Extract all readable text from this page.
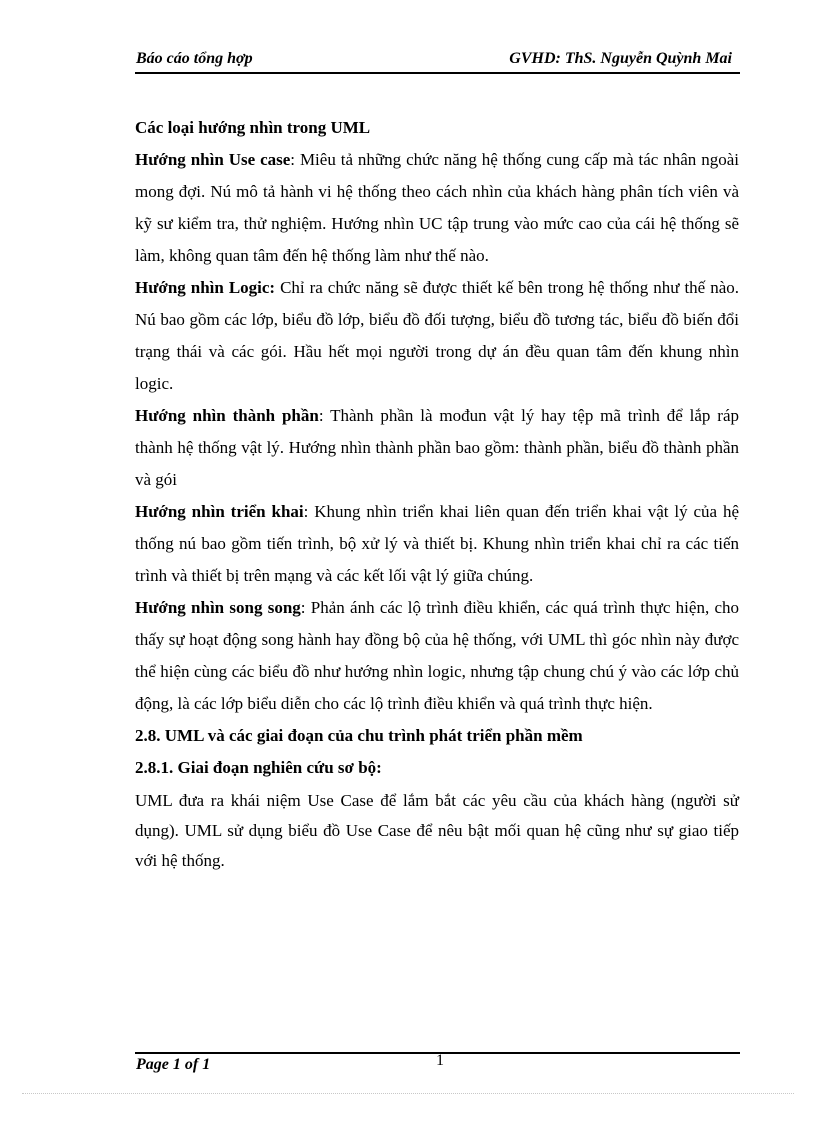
Báo cáo tổng hợp	GVHD: ThS. Nguyễn Quỳnh Mai

Các loại hướng nhìn trong UML

Hướng nhìn Use case: Miêu tả những chức năng hệ thống cung cấp mà tác nhân ngoài mong đợi. Nú mô tả hành vi hệ thống theo cách nhìn của khách hàng phân tích viên và kỹ sư kiểm tra, thử nghiệm. Hướng nhìn UC tập trung vào mức cao của cái hệ thống sẽ làm, không quan tâm đến hệ thống làm như thế nào.

Hướng nhìn Logic: Chỉ ra chức năng sẽ được thiết kế bên trong hệ thống như thế nào. Nú bao gồm các lớp, biểu đồ lớp, biểu đồ đối tượng, biểu đồ tương tác, biểu đồ biến đổi trạng thái và các gói. Hầu hết mọi người trong dự án đều quan tâm đến khung nhìn logic.

Hướng nhìn thành phần: Thành phần là mođun vật lý hay tệp mã trình để lắp ráp thành hệ thống vật lý. Hướng nhìn thành phần bao gồm: thành phần, biểu đồ thành phần và gói

Hướng nhìn triển khai: Khung nhìn triển khai liên quan đến triển khai vật lý của hệ thống nú bao gồm tiến trình, bộ xử lý và thiết bị. Khung nhìn triển khai chỉ ra các tiến trình và thiết bị trên mạng và các kết lối vật lý giữa chúng.

Hướng nhìn song song: Phản ánh các lộ trình điều khiển, các quá trình thực hiện, cho thấy sự hoạt động song hành hay đồng bộ của hệ thống, với UML thì góc nhìn này được thể hiện cùng các biểu đồ như hướng nhìn logic, nhưng tập chung chú ý vào các lớp chủ động, là các lớp biểu diễn cho các lộ trình điều khiển và quá trình thực hiện.

2.8. UML và các giai đoạn của chu trình phát triển phần mềm

2.8.1. Giai đoạn nghiên cứu sơ bộ:

UML đưa ra khái niệm Use Case để lắm bắt các yêu cầu của khách hàng (người sử dụng). UML sử dụng biểu đồ Use Case để nêu bật mối quan hệ cũng như sự giao tiếp với hệ thống.

Page 1 of 1	1
